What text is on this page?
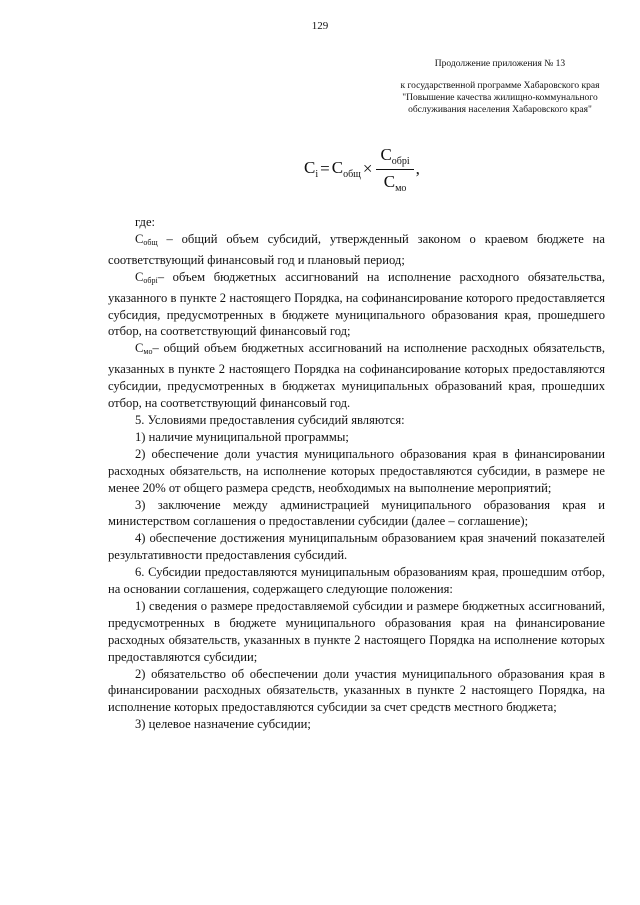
129
Продолжение приложения № 13
к государственной программе Хабаровского края "Повышение качества жилищно-коммунального обслуживания населения Хабаровского края"
$С_i = С_{общ} \times \frac{С_{обрi}}{С_{мо}}$ ,

где:

$С_{общ}$ – общий объем субсидий, утвержденный законом о краевом бюджете на соответствующий финансовый год и плановый период;

$С_{обрi}-$ объем бюджетных ассигнований на исполнение расходного обязательства, указанного в пункте 2 настоящего Порядка, на софинансирование которого предоставляется субсидия, предусмотренных в бюджете муниципального образования края, прошедшего отбор, на соответствующий финансовый год;

$С_{мо}-$ общий объем бюджетных ассигнований на исполнение расходных обязательств, указанных в пункте 2 настоящего Порядка на софинансирование которых предоставляются субсидии, предусмотренных в бюджетах муниципальных образований края, прошедших отбор, на соответствующий финансовый год.

5. Условиями предоставления субсидий являются:

1) наличие муниципальной программы;

2) обеспечение доли участия муниципального образования края в финансировании расходных обязательств, на исполнение которых предоставляются субсидии, в размере не менее 20% от общего размера средств, необходимых на выполнение мероприятий;

3) заключение между администрацией муниципального образования края и министерством соглашения о предоставлении субсидии (далее – соглашение);

4) обеспечение достижения муниципальным образованием края значений показателей результативности предоставления субсидий.

6. Субсидии предоставляются муниципальным образованиям края, прошедшим отбор, на основании соглашения, содержащего следующие положения:

1) сведения о размере предоставляемой субсидии и размере бюджетных ассигнований, предусмотренных в бюджете муниципального образования края на финансирование расходных обязательств, указанных в пункте 2 настоящего Порядка на исполнение которых предоставляются субсидии;

2) обязательство об обеспечении доли участия муниципального образования края в финансировании расходных обязательств, указанных в пункте 2 настоящего Порядка, на исполнение которых предоставляются субсидии за счет средств местного бюджета;

3) целевое назначение субсидии;
